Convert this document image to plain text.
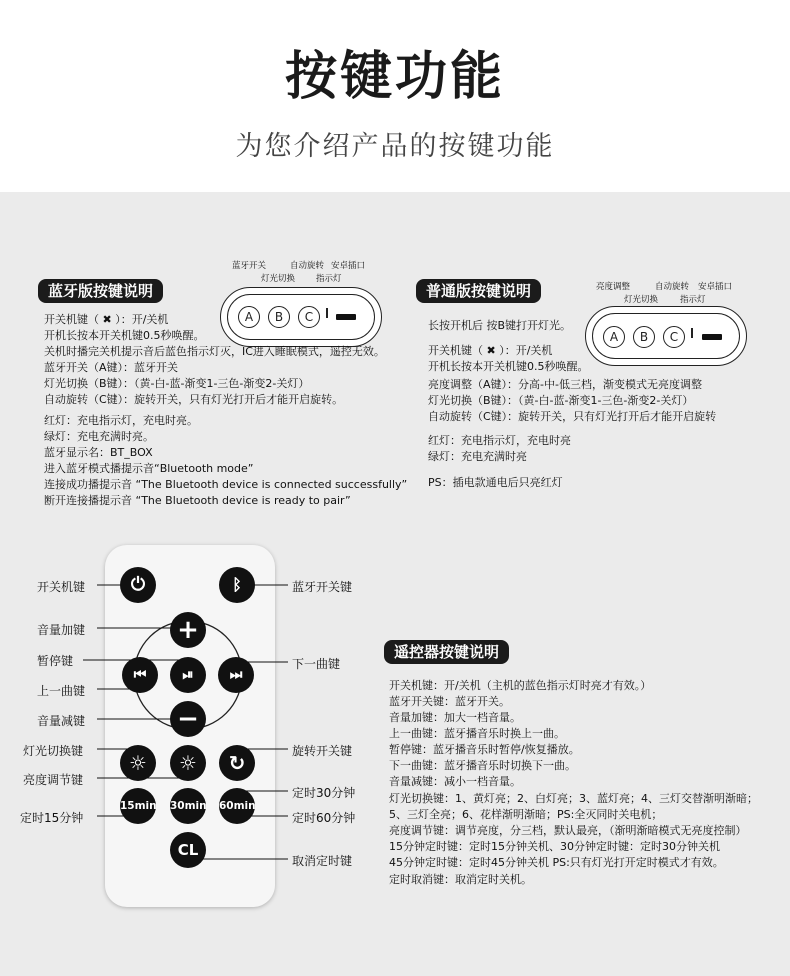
按键功能
为您介绍产品的按键功能
蓝牙版按键说明
蓝牙开关
灯光切换
自动旋转
指示灯
安卓插口
A	B	C
开关机键（ ✖ ）：开/关机
开机长按本开关机键0.5秒唤醒。
关机时播完关机提示音后蓝色指示灯灭，IC进入睡眠模式，遥控无效。
蓝牙开关（A键）：蓝牙开关
灯光切换（B键）：（黄-白-蓝-渐变1-三色-渐变2-关灯）
自动旋转（C键）：旋转开关，只有灯光打开后才能开启旋转。
红灯：充电指示灯，充电时亮。
绿灯：充电充满时亮。
蓝牙显示名：BT_BOX
进入蓝牙模式播提示音“Bluetooth mode”
连接成功播提示音 “The Bluetooth device is connected successfully”
断开连接播提示音 “The Bluetooth device is ready to pair”
普通版按键说明	亮度调整
灯光切换
自动旋转
指示灯
安卓插口
长按开机后 按B键打开灯光。
A	B	C
开关机键（ ✖ ）：开/关机
开机长按本开关机键0.5秒唤醒。
亮度调整（A键）：分高-中-低三档，渐变模式无亮度调整
灯光切换（B键）：（黄-白-蓝-渐变1-三色-渐变2-关灯）
自动旋转（C键）：旋转开关，只有灯光打开后才能开启旋转
红灯：充电指示灯，充电时亮
绿灯：充电充满时亮
PS：插电款通电后只亮红灯
⏻	ᛒ
+
⏮	⏯	⏭
−
☼	☼	↻
15min 30min 60min
CL
开关机键	蓝牙开关键
音量加键
暂停键	下一曲键
上一曲键
音量减键
灯光切换键	旋转开关键
亮度调节键
定时30分钟
定时15分钟	定时60分钟
取消定时键
遥控器按键说明
开关机键：开/关机（主机的蓝色指示灯时亮才有效。）
蓝牙开关键：蓝牙开关。
音量加键：加大一档音量。
上一曲键：蓝牙播音乐时换上一曲。
暂停键：蓝牙播音乐时暂停/恢复播放。
下一曲键：蓝牙播音乐时切换下一曲。
音量减键：减小一档音量。
灯光切换键：1、黄灯亮；2、白灯亮；3、蓝灯亮；4、三灯交替渐明渐暗；
5、三灯全亮；6、花样渐明渐暗；PS:全灭同时关电机；
亮度调节键：调节亮度，分三档，默认最亮，（渐明渐暗模式无亮度控制）
15分钟定时键：定时15分钟关机、30分钟定时键：定时30分钟关机
45分钟定时键：定时45分钟关机 PS:只有灯光打开定时模式才有效。
定时取消键：取消定时关机。
